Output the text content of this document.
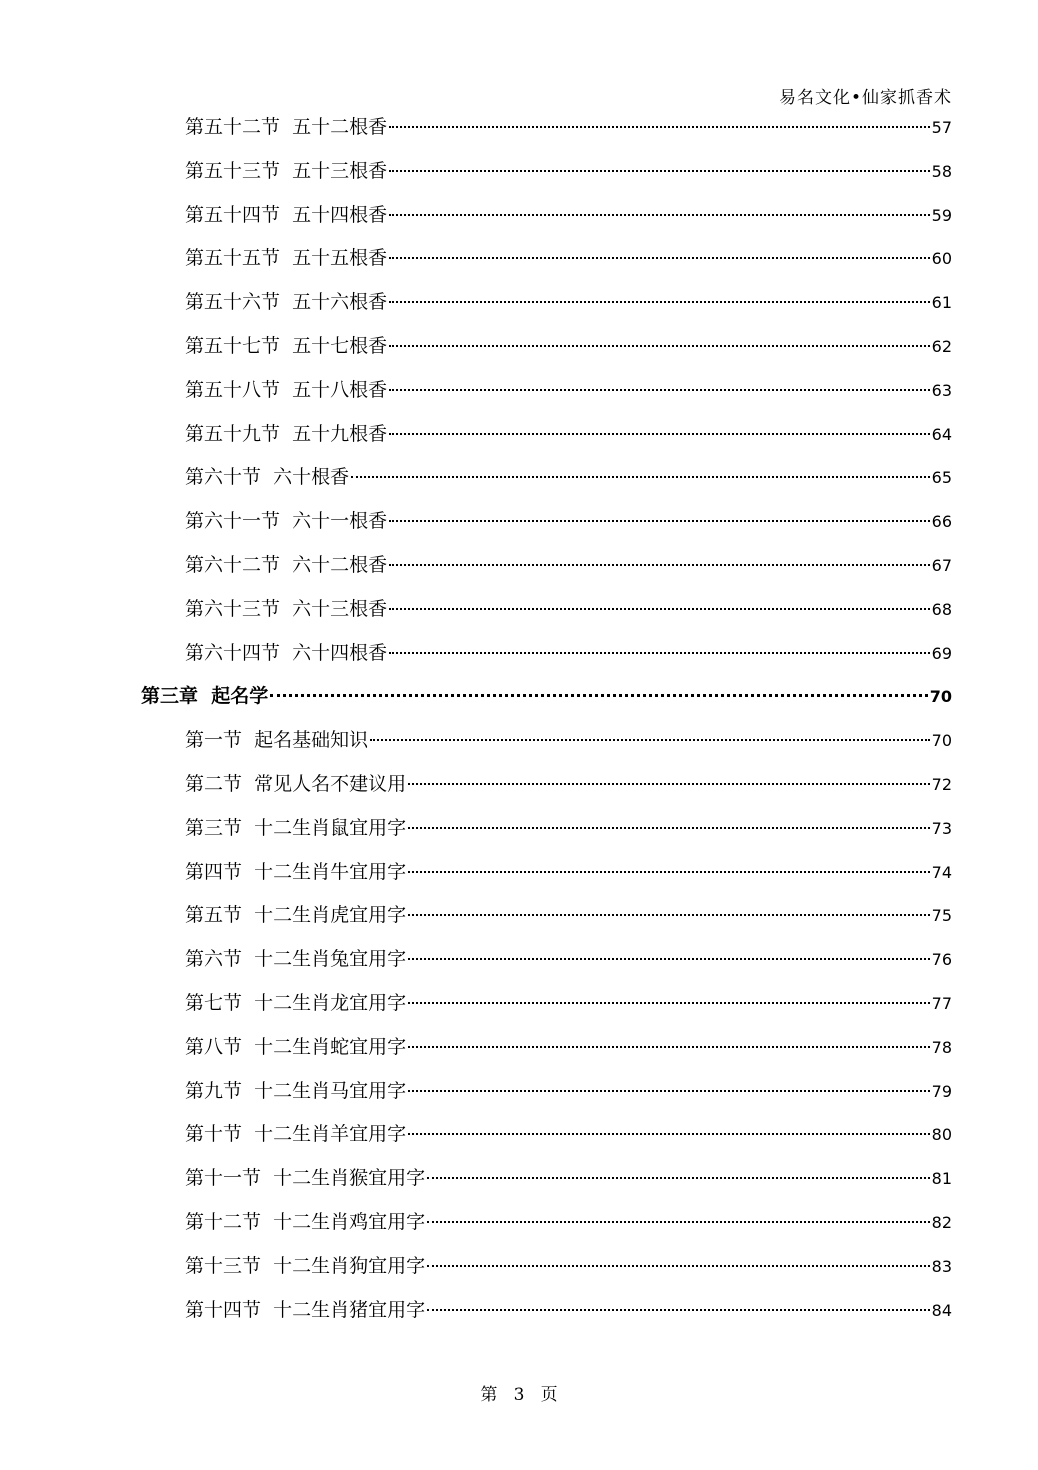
易名文化•仙家抓香术
第五十二节  五十二根香	57
第五十三节  五十三根香	58
第五十四节  五十四根香	59
第五十五节  五十五根香	60
第五十六节  五十六根香	61
第五十七节  五十七根香	62
第五十八节  五十八根香	63
第五十九节  五十九根香	64
第六十节  六十根香	65
第六十一节  六十一根香	66
第六十二节  六十二根香	67
第六十三节  六十三根香	68
第六十四节  六十四根香	69
第三章  起名学	70
第一节  起名基础知识	70
第二节  常见人名不建议用	72
第三节  十二生肖鼠宜用字	73
第四节  十二生肖牛宜用字	74
第五节  十二生肖虎宜用字	75
第六节  十二生肖兔宜用字	76
第七节  十二生肖龙宜用字	77
第八节  十二生肖蛇宜用字	78
第九节  十二生肖马宜用字	79
第十节  十二生肖羊宜用字	80
第十一节  十二生肖猴宜用字	81
第十二节  十二生肖鸡宜用字	82
第十三节  十二生肖狗宜用字	83
第十四节  十二生肖猪宜用字	84
第 3 页
